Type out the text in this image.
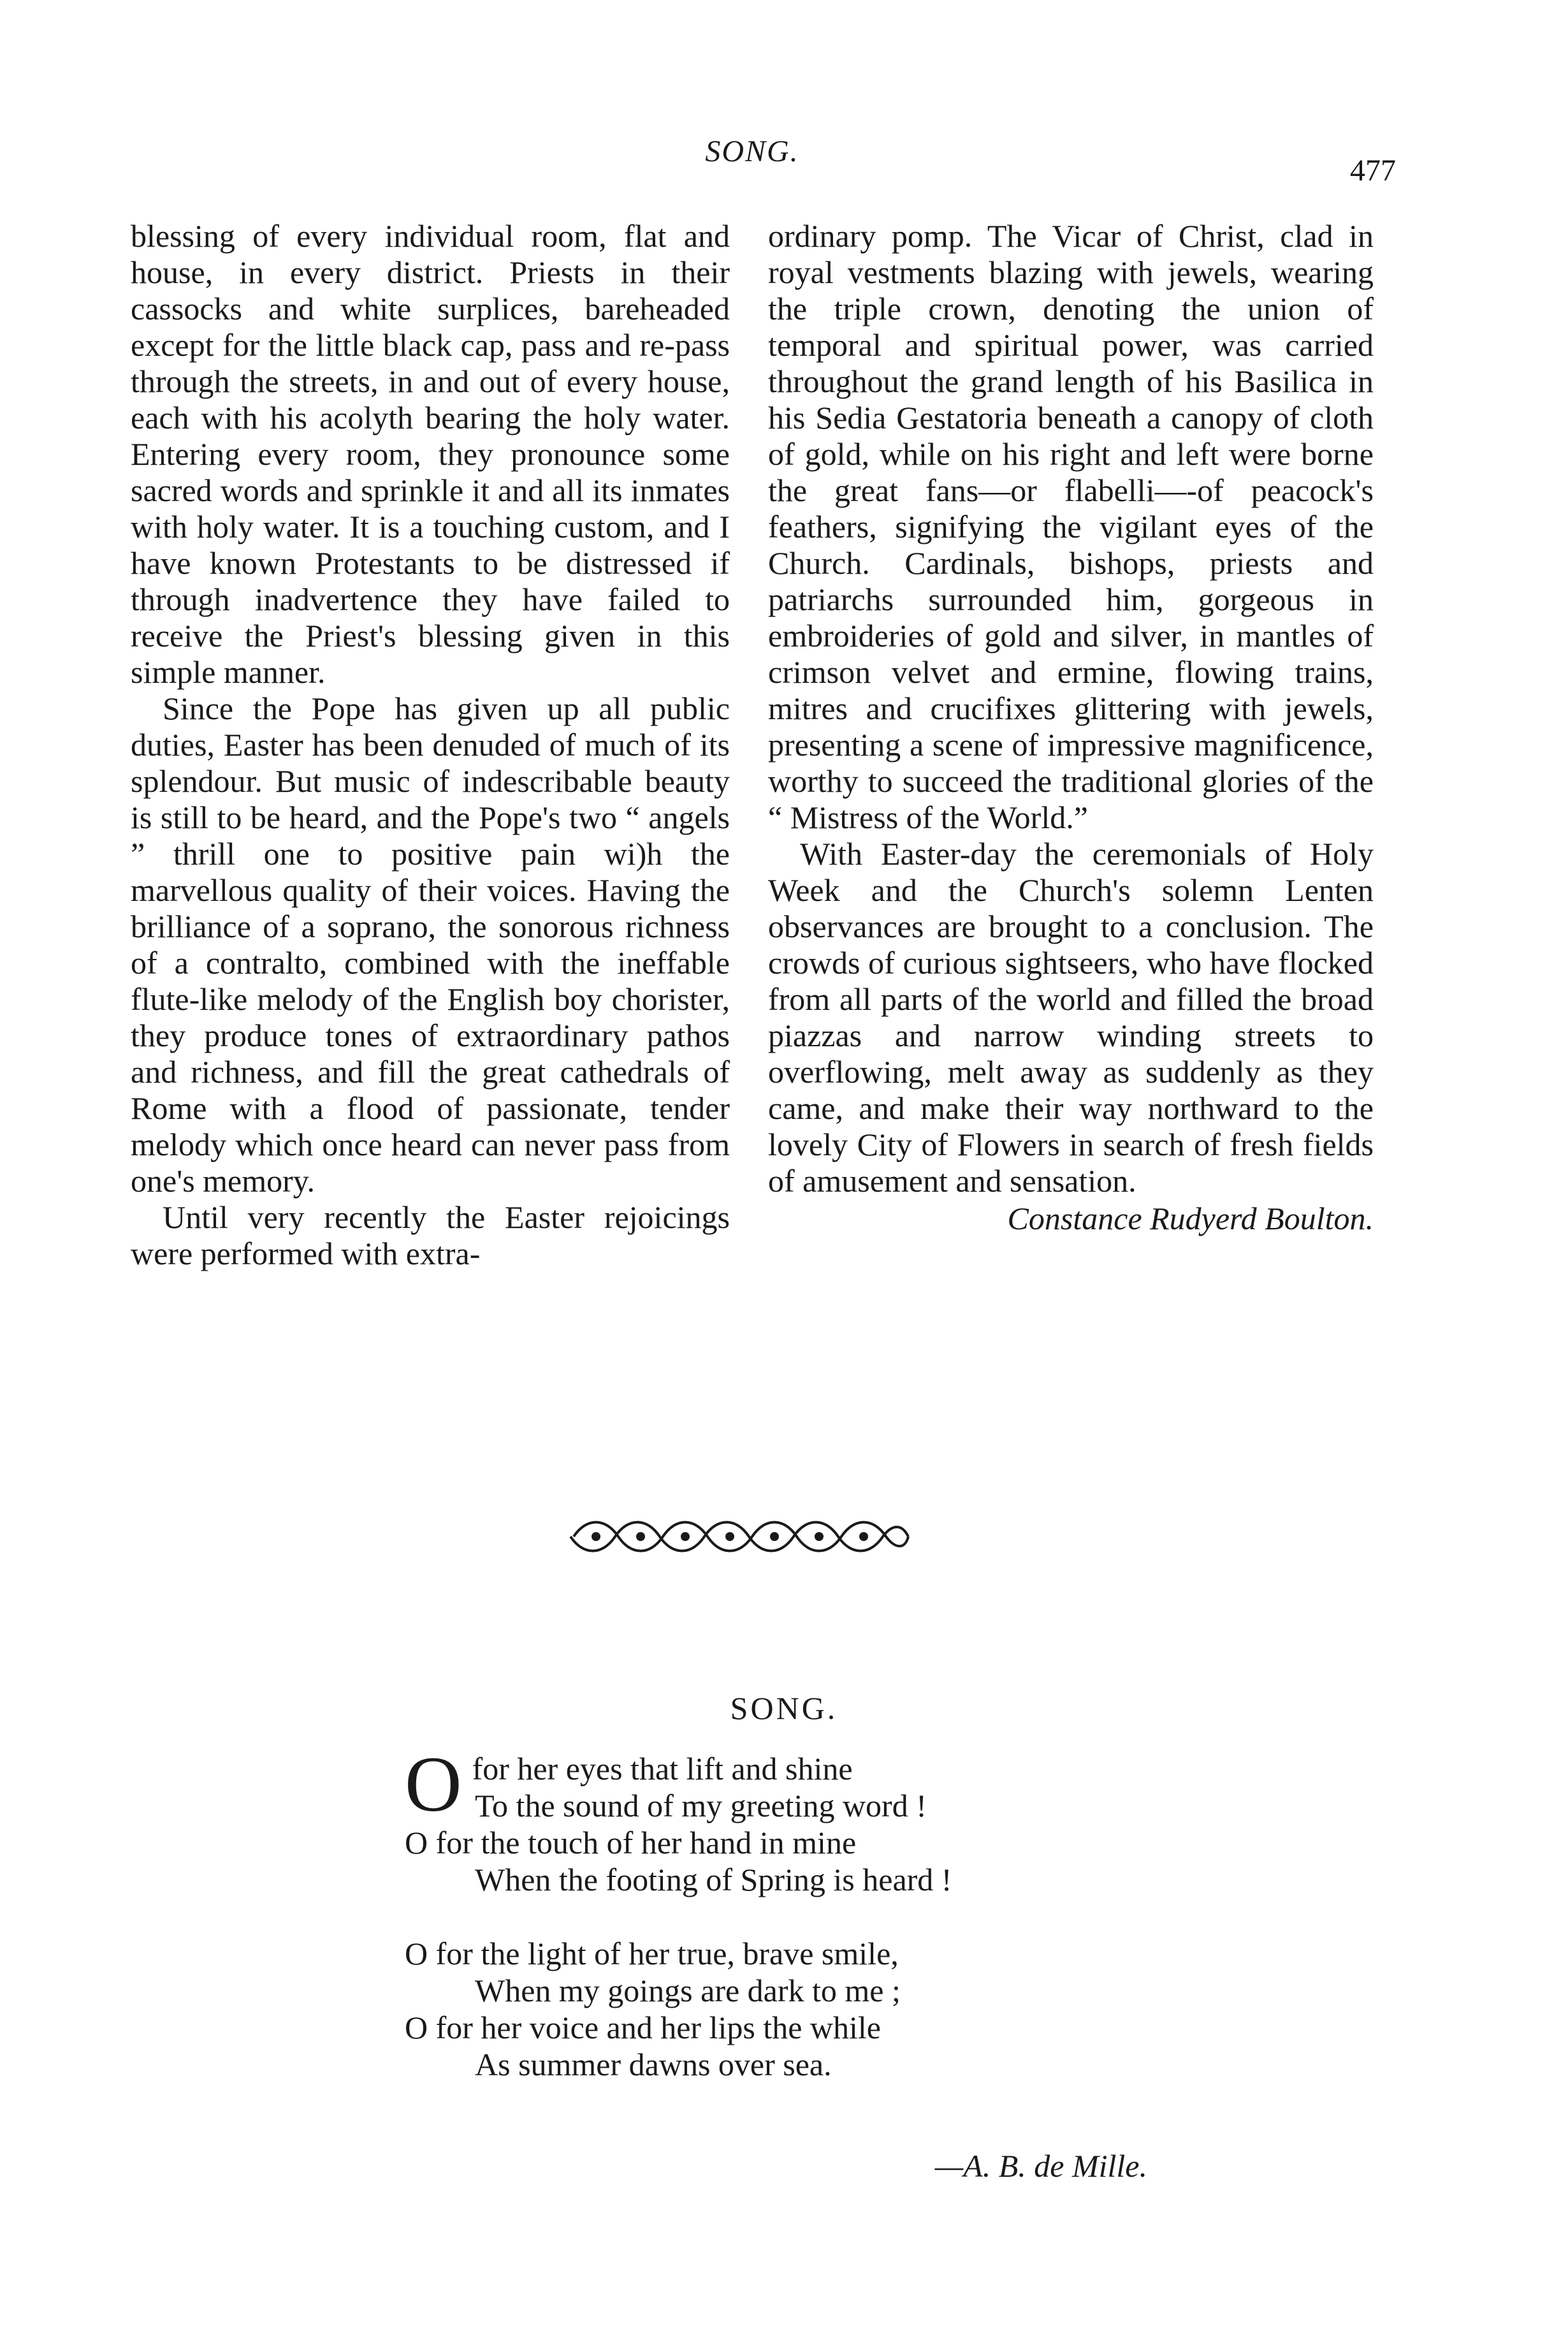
SONG.
477

blessing of every individual room, flat and house, in every district. Priests in their cassocks and white surplices, bareheaded except for the little black cap, pass and re-pass through the streets, in and out of every house, each with his acolyth bearing the holy water. Entering every room, they pronounce some sacred words and sprinkle it and all its inmates with holy water. It is a touching custom, and I have known Protestants to be distressed if through inadvertence they have failed to receive the Priest's blessing given in this simple manner.

Since the Pope has given up all public duties, Easter has been denuded of much of its splendour. But music of indescribable beauty is still to be heard, and the Pope's two “ angels ” thrill one to positive pain wi)h the marvellous quality of their voices. Having the brilliance of a soprano, the sonorous richness of a contralto, combined with the ineffable flute-like melody of the English boy chorister, they produce tones of extraordinary pathos and richness, and fill the great cathedrals of Rome with a flood of passionate, tender melody which once heard can never pass from one's memory.

Until very recently the Easter rejoicings were performed with extra-

ordinary pomp. The Vicar of Christ, clad in royal vestments blazing with jewels, wearing the triple crown, denoting the union of temporal and spiritual power, was carried throughout the grand length of his Basilica in his Sedia Gestatoria beneath a canopy of cloth of gold, while on his right and left were borne the great fans—or flabelli—-of peacock's feathers, signifying the vigilant eyes of the Church. Cardinals, bishops, priests and patriarchs surrounded him, gorgeous in embroideries of gold and silver, in mantles of crimson velvet and ermine, flowing trains, mitres and crucifixes glittering with jewels, presenting a scene of impressive magnificence, worthy to succeed the traditional glories of the “ Mistress of the World.”

With Easter-day the ceremonials of Holy Week and the Church's solemn Lenten observances are brought to a conclusion. The crowds of curious sightseers, who have flocked from all parts of the world and filled the broad piazzas and narrow winding streets to overflowing, melt away as suddenly as they came, and make their way northward to the lovely City of Flowers in search of fresh fields of amusement and sensation.

Constance Rudyerd Boulton.

SONG.
O for her eyes that lift and shine
To the sound of my greeting word !
O for the touch of her hand in mine
When the footing of Spring is heard !
O for the light of her true, brave smile,
When my goings are dark to me ;
O for her voice and her lips the while
As summer dawns over sea.
—A. B. de Mille.
